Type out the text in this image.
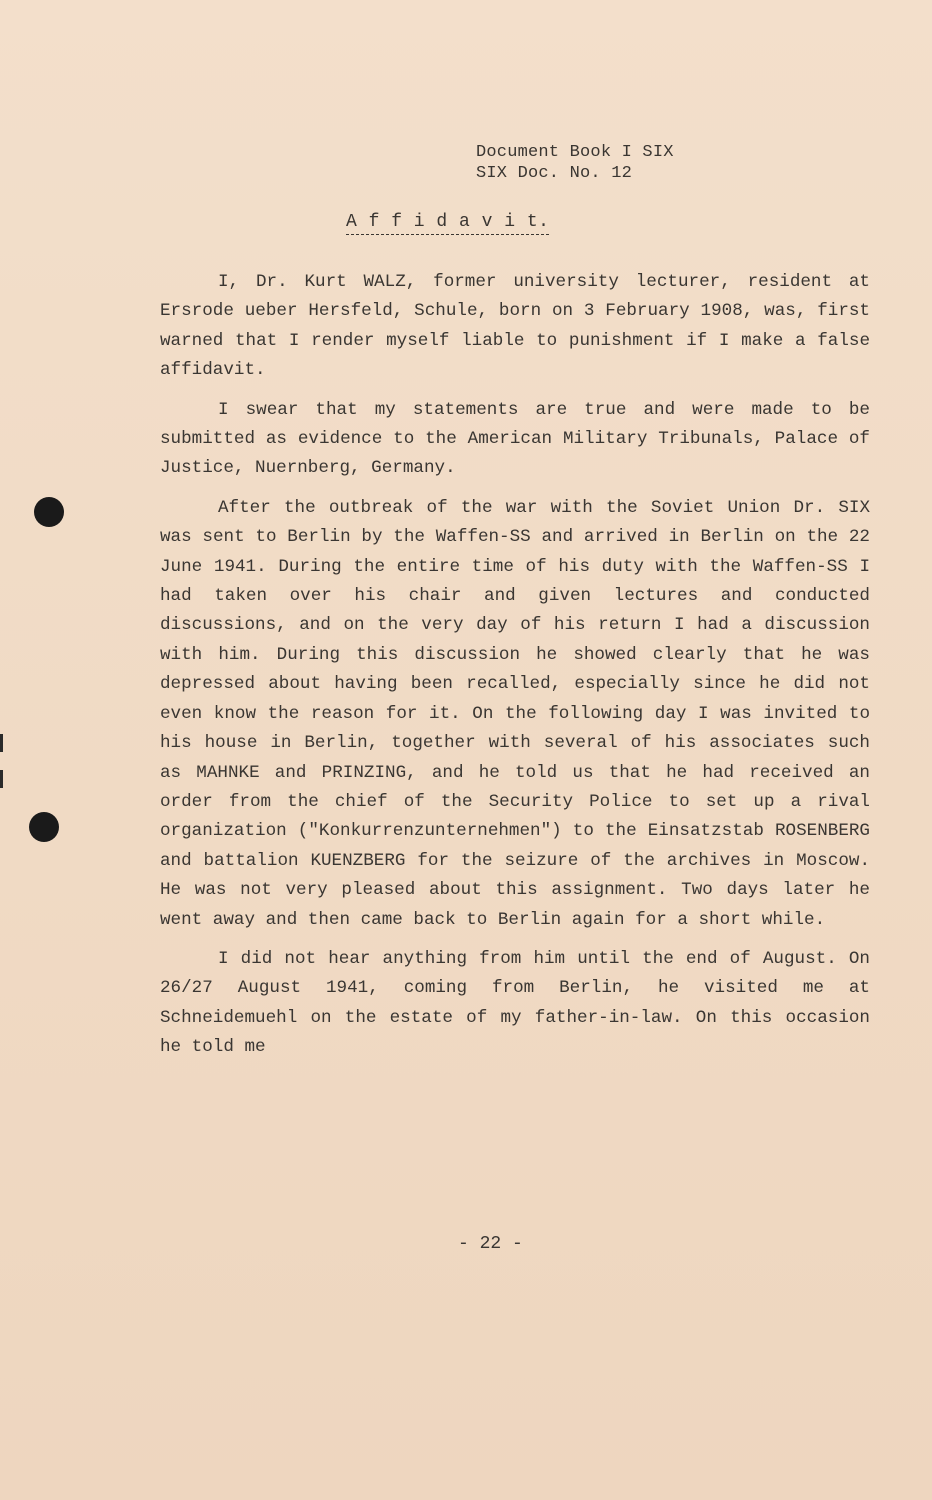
Document Book I SIX
SIX Doc. No. 12
A f f i d a v i t.

I, Dr. Kurt WALZ, former university lecturer, resident at Ersrode ueber Hersfeld, Schule, born on 3 February 1908, was, first warned that I render myself liable to punishment if I make a false affidavit.

I swear that my statements are true and were made to be submitted as evidence to the American Military Tribunals, Palace of Justice, Nuernberg, Germany.

After the outbreak of the war with the Soviet Union Dr. SIX was sent to Berlin by the Waffen-SS and arrived in Berlin on the 22 June 1941. During the entire time of his duty with the Waffen-SS I had taken over his chair and given lectures and conducted discussions, and on the very day of his return I had a discussion with him. During this discussion he showed clearly that he was depressed about having been recalled, especially since he did not even know the reason for it. On the following day I was invited to his house in Berlin, together with several of his associates such as MAHNKE and PRINZING, and he told us that he had received an order from the chief of the Security Police to set up a rival organization ("Konkurrenzunternehmen") to the Einsatzstab ROSENBERG and battalion KUENZBERG for the seizure of the archives in Moscow. He was not very pleased about this assignment. Two days later he went away and then came back to Berlin again for a short while.

I did not hear anything from him until the end of August. On 26/27 August 1941, coming from Berlin, he visited me at Schneidemuehl on the estate of my father-in-law. On this occasion he told me

- 22 -
